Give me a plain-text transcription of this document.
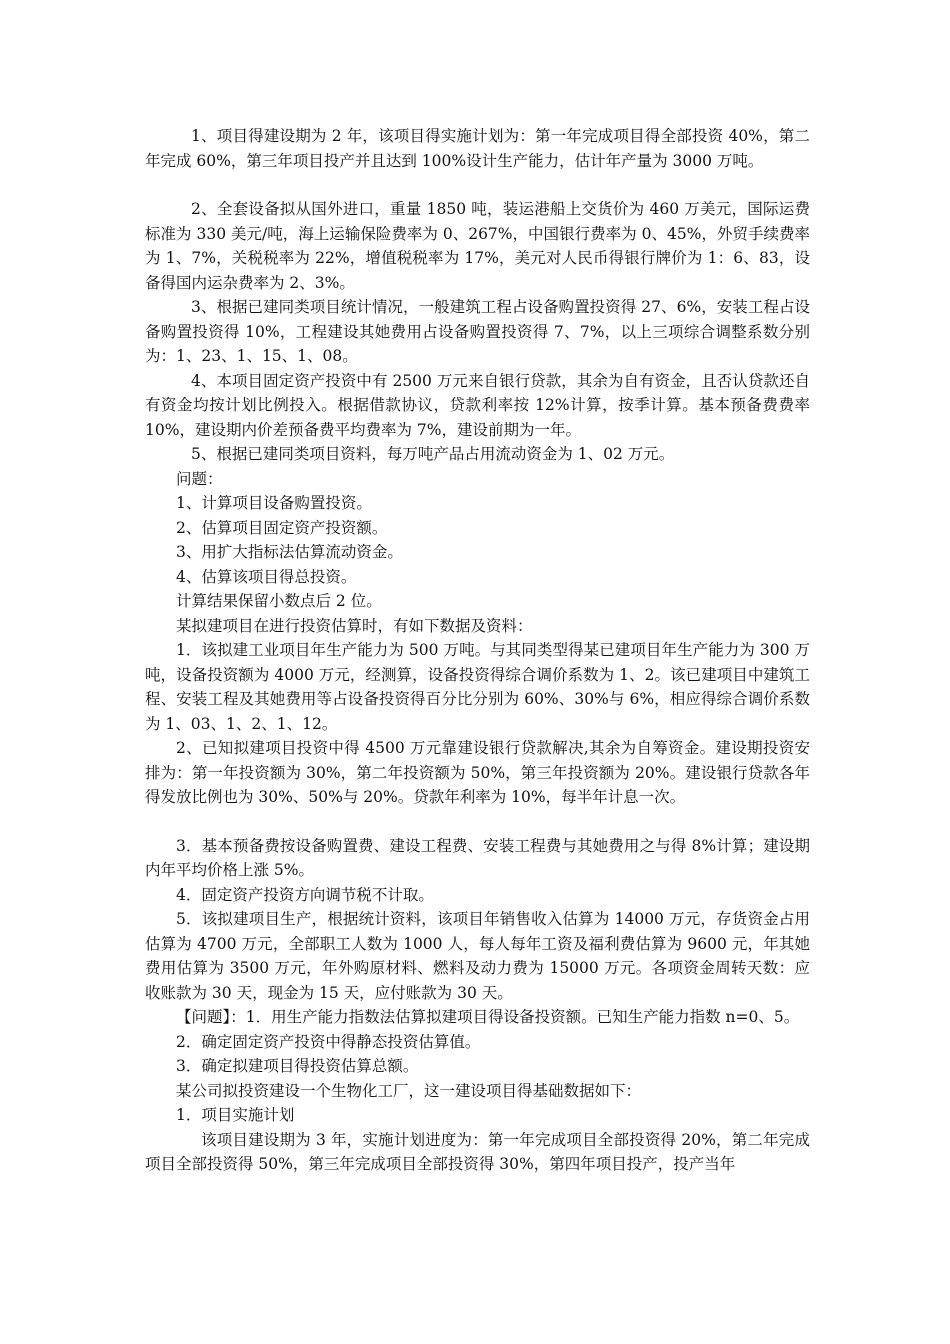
1、项目得建设期为 2 年，该项目得实施计划为：第一年完成项目得全部投资 40%，第二年完成 60%，第三年项目投产并且达到 100%设计生产能力，估计年产量为 3000 万吨。

2、全套设备拟从国外进口，重量 1850 吨，装运港船上交货价为 460 万美元，国际运费标准为 330 美元/吨，海上运输保险费率为 0、267%，中国银行费率为 0、45%，外贸手续费率为 1、7%，关税税率为 22%，增值税税率为 17%，美元对人民币得银行牌价为 1：6、83，设备得国内运杂费率为 2、3%。

3、根据已建同类项目统计情况，一般建筑工程占设备购置投资得 27、6%，安装工程占设备购置投资得 10%，工程建设其她费用占设备购置投资得 7、7%，以上三项综合调整系数分别为：1、23、1、15、1、08。

4、本项目固定资产投资中有 2500 万元来自银行贷款，其余为自有资金，且否认贷款还自有资金均按计划比例投入。根据借款协议，贷款利率按 12%计算，按季计算。基本预备费费率 10%，建设期内价差预备费平均费率为 7%，建设前期为一年。

5、根据已建同类项目资料，每万吨产品占用流动资金为 1、02 万元。

问题：

1、计算项目设备购置投资。

2、估算项目固定资产投资额。

3、用扩大指标法估算流动资金。

4、估算该项目得总投资。

计算结果保留小数点后 2 位。

某拟建项目在进行投资估算时，有如下数据及资料：

1．该拟建工业项目年生产能力为 500 万吨。与其同类型得某已建项目年生产能力为 300 万吨，设备投资额为 4000 万元，经测算，设备投资得综合调价系数为 1、2。该已建项目中建筑工程、安装工程及其她费用等占设备投资得百分比分别为 60%、30%与 6%，相应得综合调价系数为 1、03、1、2、1、12。

2、已知拟建项目投资中得 4500 万元靠建设银行贷款解决,其余为自筹资金。建设期投资安排为：第一年投资额为 30%，第二年投资额为 50%，第三年投资额为 20%。建设银行贷款各年得发放比例也为 30%、50%与 20%。贷款年利率为 10%，每半年计息一次。

3．基本预备费按设备购置费、建设工程费、安装工程费与其她费用之与得 8%计算；建设期内年平均价格上涨 5%。

4．固定资产投资方向调节税不计取。

5．该拟建项目生产，根据统计资料，该项目年销售收入估算为 14000 万元，存货资金占用估算为 4700 万元，全部职工人数为 1000 人，每人每年工资及福利费估算为 9600 元，年其她费用估算为 3500 万元，年外购原材料、燃料及动力费为 15000 万元。各项资金周转天数：应收账款为 30 天，现金为 15 天，应付账款为 30 天。

【问题】：1．用生产能力指数法估算拟建项目得设备投资额。已知生产能力指数 n=0、5。

2．确定固定资产投资中得静态投资估算值。

3．确定拟建项目得投资估算总额。

某公司拟投资建设一个生物化工厂，这一建设项目得基础数据如下：

1．项目实施计划

该项目建设期为 3 年，实施计划进度为：第一年完成项目全部投资得 20%，第二年完成项目全部投资得 50%，第三年完成项目全部投资得 30%，第四年项目投产，投产当年
